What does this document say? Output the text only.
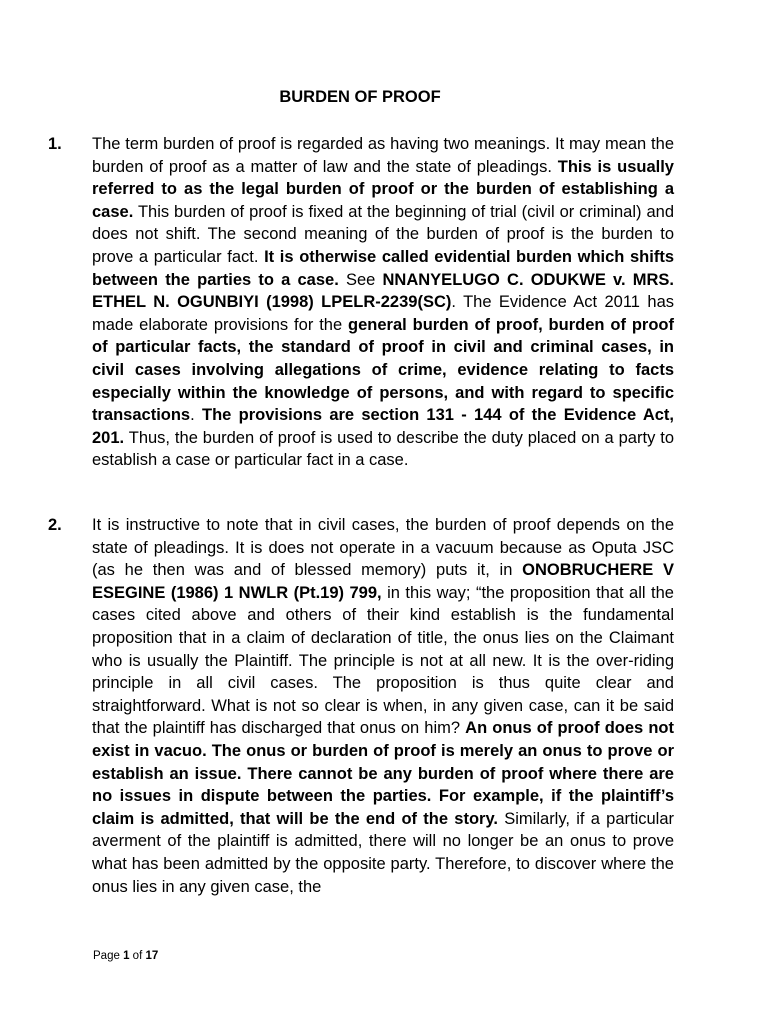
BURDEN OF PROOF
1. The term burden of proof is regarded as having two meanings. It may mean the burden of proof as a matter of law and the state of pleadings. This is usually referred to as the legal burden of proof or the burden of establishing a case. This burden of proof is fixed at the beginning of trial (civil or criminal) and does not shift. The second meaning of the burden of proof is the burden to prove a particular fact. It is otherwise called evidential burden which shifts between the parties to a case. See NNANYELUGO C. ODUKWE v. MRS. ETHEL N. OGUNBIYI (1998) LPELR-2239(SC). The Evidence Act 2011 has made elaborate provisions for the general burden of proof, burden of proof of particular facts, the standard of proof in civil and criminal cases, in civil cases involving allegations of crime, evidence relating to facts especially within the knowledge of persons, and with regard to specific transactions. The provisions are section 131 - 144 of the Evidence Act, 201. Thus, the burden of proof is used to describe the duty placed on a party to establish a case or particular fact in a case.
2. It is instructive to note that in civil cases, the burden of proof depends on the state of pleadings. It is does not operate in a vacuum because as Oputa JSC (as he then was and of blessed memory) puts it, in ONOBRUCHERE V ESEGINE (1986) 1 NWLR (Pt.19) 799, in this way; “the proposition that all the cases cited above and others of their kind establish is the fundamental proposition that in a claim of declaration of title, the onus lies on the Claimant who is usually the Plaintiff. The principle is not at all new. It is the over-riding principle in all civil cases. The proposition is thus quite clear and straightforward. What is not so clear is when, in any given case, can it be said that the plaintiff has discharged that onus on him? An onus of proof does not exist in vacuo. The onus or burden of proof is merely an onus to prove or establish an issue. There cannot be any burden of proof where there are no issues in dispute between the parties. For example, if the plaintiff’s claim is admitted, that will be the end of the story. Similarly, if a particular averment of the plaintiff is admitted, there will no longer be an onus to prove what has been admitted by the opposite party. Therefore, to discover where the onus lies in any given case, the
Page 1 of 17
